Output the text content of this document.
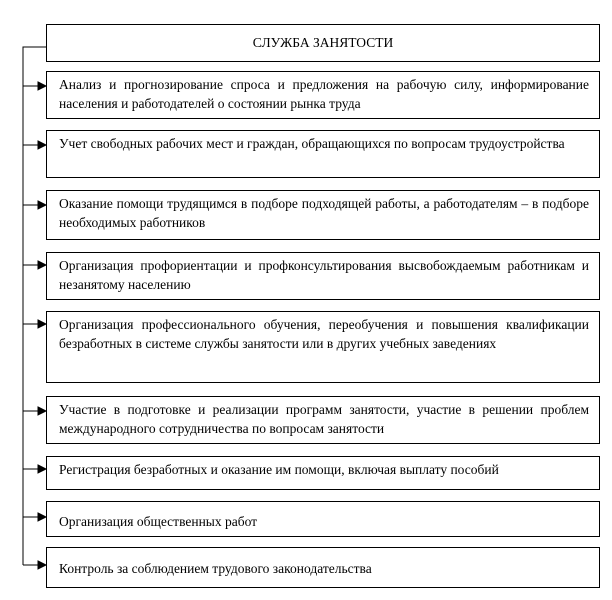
СЛУЖБА ЗАНЯТОСТИ
Анализ и прогнозирование спроса и предложения на рабочую силу, информирование населения и работодателей о состоянии рынка труда
Учет свободных рабочих мест и граждан, обращающихся по вопросам трудоустройства
Оказание помощи трудящимся в подборе подходящей работы, а работодателям – в подборе необходимых работников
Организация профориентации и профконсультирования высвобождаемым работникам и незанятому населению
Организация профессионального обучения, переобучения и повышения квалификации безработных в системе службы занятости или в других учебных заведениях
Участие в подготовке и реализации программ занятости, участие в решении проблем международного сотрудничества по вопросам занятости
Регистрация безработных и оказание им помощи, включая выплату пособий
Организация общественных работ
Контроль за соблюдением трудового законодательства
